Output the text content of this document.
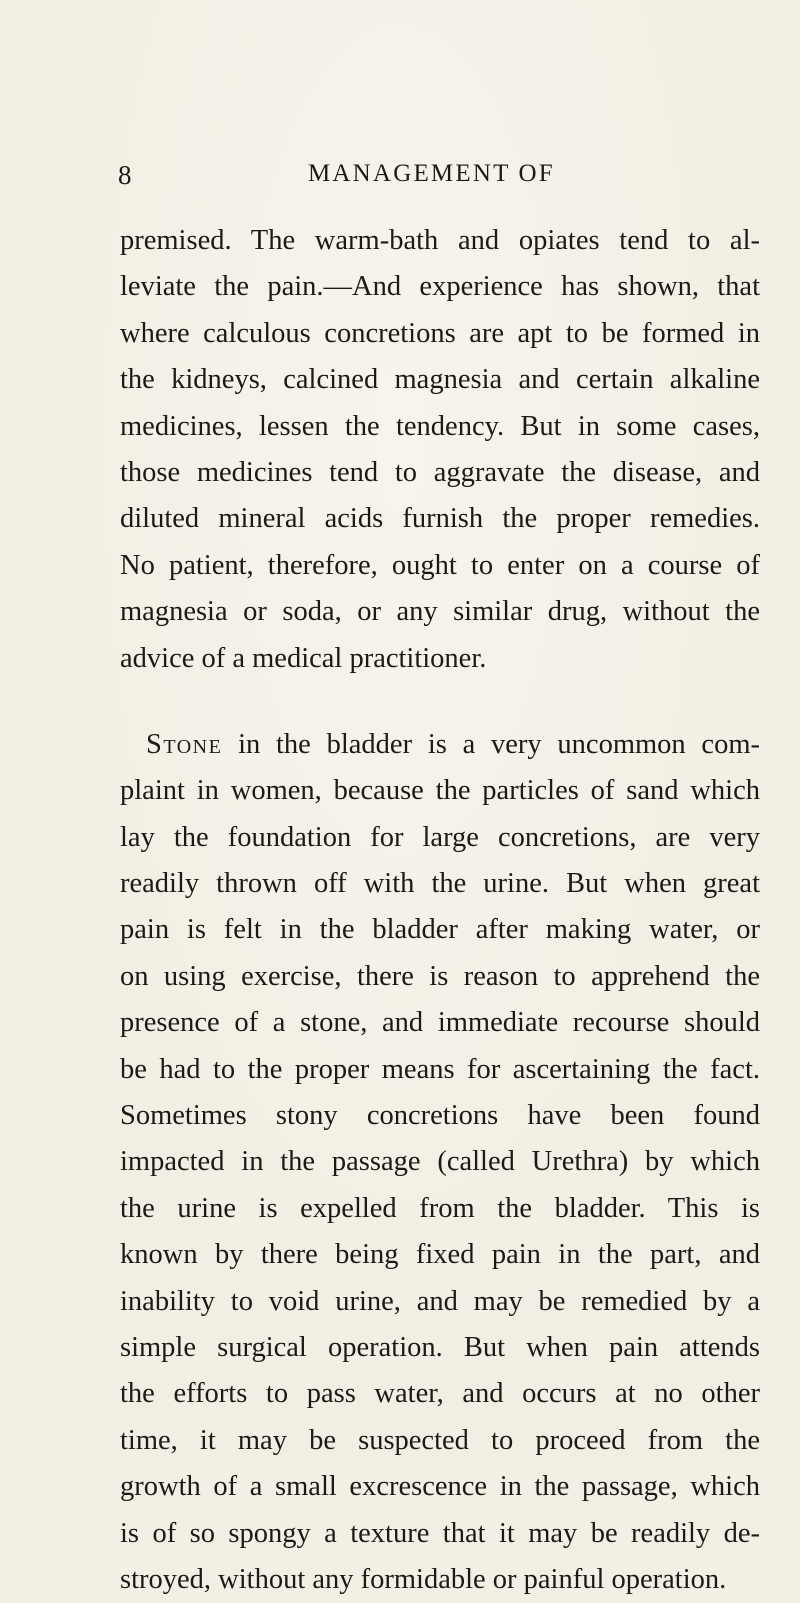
8	MANAGEMENT OF
premised. The warm-bath and opiates tend to al-
leviate the pain.—And experience has shown, that
where calculous concretions are apt to be formed in
the kidneys, calcined magnesia and certain alkaline
medicines, lessen the tendency. But in some cases,
those medicines tend to aggravate the disease, and
diluted mineral acids furnish the proper remedies.
No patient, therefore, ought to enter on a course of
magnesia or soda, or any similar drug, without the
advice of a medical practitioner.
Stone in the bladder is a very uncommon com-
plaint in women, because the particles of sand which
lay the foundation for large concretions, are very
readily thrown off with the urine. But when great
pain is felt in the bladder after making water, or
on using exercise, there is reason to apprehend the
presence of a stone, and immediate recourse should
be had to the proper means for ascertaining the fact.
Sometimes stony concretions have been found
impacted in the passage (called Urethra) by which
the urine is expelled from the bladder. This is
known by there being fixed pain in the part, and
inability to void urine, and may be remedied by a
simple surgical operation. But when pain attends
the efforts to pass water, and occurs at no other
time, it may be suspected to proceed from the
growth of a small excrescence in the passage, which
is of so spongy a texture that it may be readily de-
stroyed, without any formidable or painful operation.
